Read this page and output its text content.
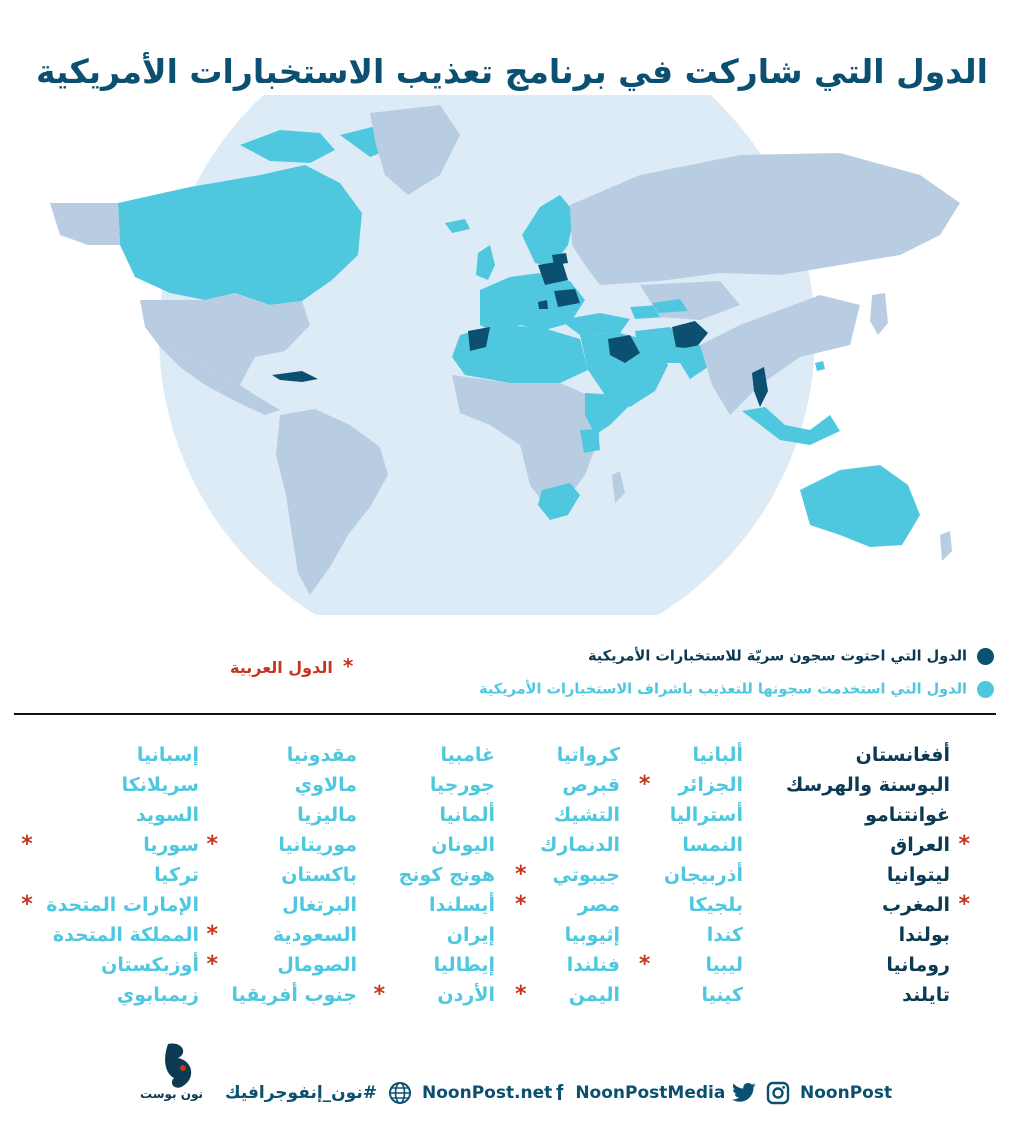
الدول التي شاركت في برنامج تعذيب الاستخبارات الأمريكية
الدول التي احتوت سجون سريّة للاستخبارات الأمريكية
الدول التي استخدمت سجونها للتعذيب باشراف الاستخبارات الأمريكية
*الدول العربية
أفغانستان
البوسنة والهرسك
غوانتنامو
العراق *
ليتوانيا
المغرب *
بولندا
رومانيا
تايلند
ألبانيا
الجزائر
*
أستراليا
النمسا
أذربيجان
بلجيكا
كندا
ليبيا
*
كينيا
كرواتيا
قبرص
التشيك
الدنمارك
جيبوتي
*
مصر
*
إثيوبيا
فنلندا
اليمن
*
غامبيا
جورجيا
ألمانيا
اليونان
هونج كونج
أيسلندا
إيران
إيطاليا
الأردن
*
مقدونيا
مالاوي
ماليزيا
موريتانيا
*
باكستان
البرتغال
السعودية
*
الصومال
*
جنوب أفريقيا
إسبانيا
سريلانكا
السويد
سوريا
*
تركيا
الإمارات المتحدة
*
المملكة المتحدة
أوزبكستان
زيمبابوي
نون بوست #نون_إنفوجرافيك	NoonPost.net f NoonPostMedia	NoonPost
